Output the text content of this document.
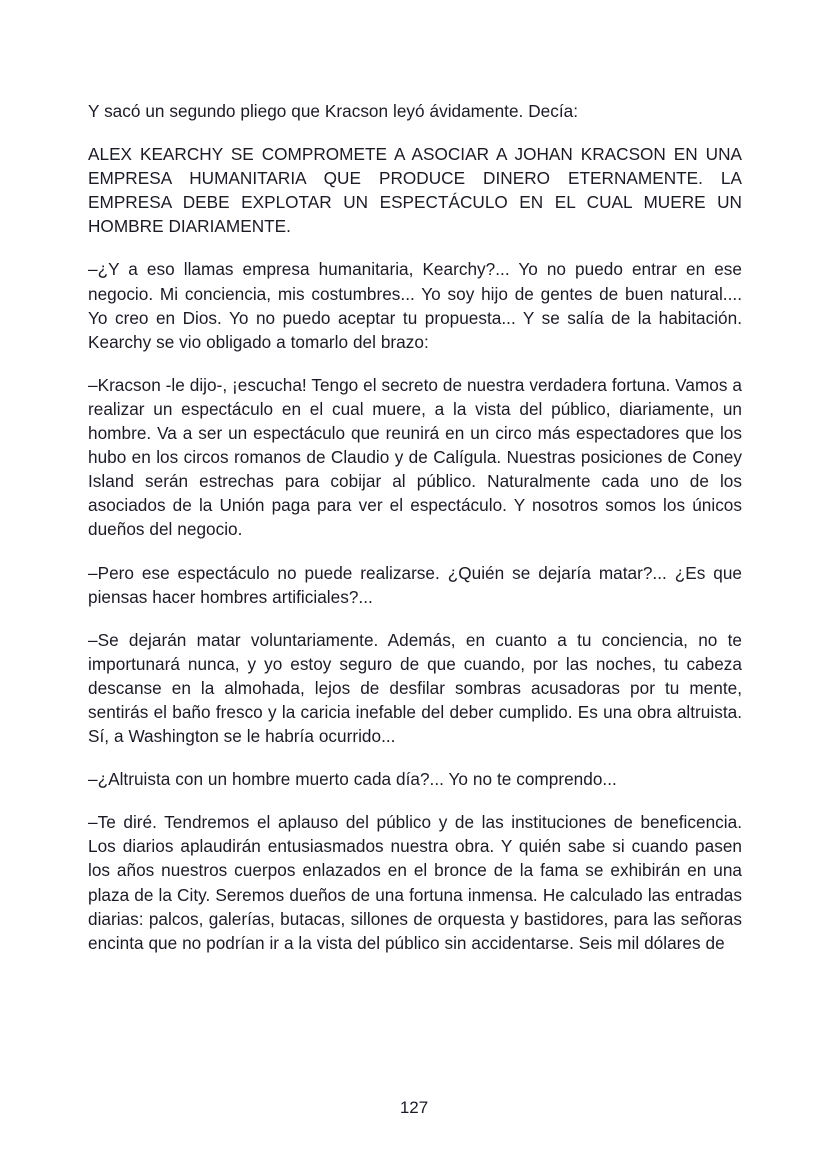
Y sacó un segundo pliego que Kracson leyó ávidamente. Decía:

ALEX KEARCHY SE COMPROMETE A ASOCIAR A JOHAN KRACSON EN UNA EMPRESA HUMANITARIA QUE PRODUCE DINERO ETERNAMENTE. LA EMPRESA DEBE EXPLOTAR UN ESPECTÁCULO EN EL CUAL MUERE UN HOMBRE DIARIAMENTE.

–¿Y a eso llamas empresa humanitaria, Kearchy?... Yo no puedo entrar en ese negocio. Mi conciencia, mis costumbres... Yo soy hijo de gentes de buen natural.... Yo creo en Dios. Yo no puedo aceptar tu propuesta... Y se salía de la habitación. Kearchy se vio obligado a tomarlo del brazo:

–Kracson -le dijo-, ¡escucha! Tengo el secreto de nuestra verdadera fortuna. Vamos a realizar un espectáculo en el cual muere, a la vista del público, diariamente, un hombre. Va a ser un espectáculo que reunirá en un circo más espectadores que los hubo en los circos romanos de Claudio y de Calígula. Nuestras posiciones de Coney Island serán estrechas para cobijar al público. Naturalmente cada uno de los asociados de la Unión paga para ver el espectáculo. Y nosotros somos los únicos dueños del negocio.

–Pero ese espectáculo no puede realizarse. ¿Quién se dejaría matar?... ¿Es que piensas hacer hombres artificiales?...

–Se dejarán matar voluntariamente. Además, en cuanto a tu conciencia, no te importunará nunca, y yo estoy seguro de que cuando, por las noches, tu cabeza descanse en la almohada, lejos de desfilar sombras acusadoras por tu mente, sentirás el baño fresco y la caricia inefable del deber cumplido. Es una obra altruista. Sí, a Washington se le habría ocurrido...

–¿Altruista con un hombre muerto cada día?... Yo no te comprendo...

–Te diré. Tendremos el aplauso del público y de las instituciones de beneficencia. Los diarios aplaudirán entusiasmados nuestra obra. Y quién sabe si cuando pasen los años nuestros cuerpos enlazados en el bronce de la fama se exhibirán en una plaza de la City. Seremos dueños de una fortuna inmensa. He calculado las entradas diarias: palcos, galerías, butacas, sillones de orquesta y bastidores, para las señoras encinta que no podrían ir a la vista del público sin accidentarse. Seis mil dólares de

127
